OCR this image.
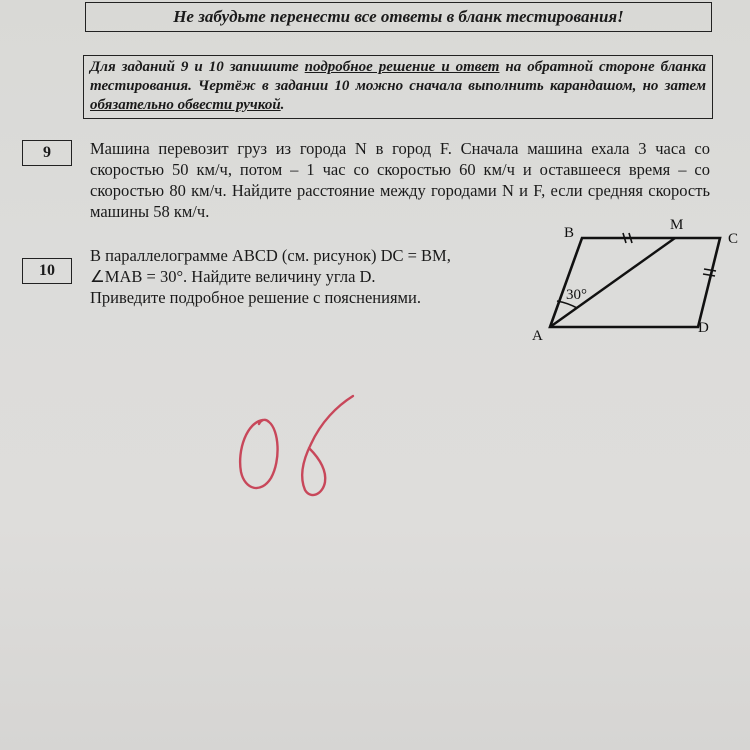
Не забудьте перенести все ответы в бланк тестирования!
Для заданий 9 и 10 запишите подробное решение и ответ на обратной стороне бланка тестирования. Чертёж в задании 10 можно сначала выполнить карандашом, но затем обязательно обвести ручкой.
9	Машина перевозит груз из города N в город F. Сначала машина ехала 3 часа со скоростью 50 км/ч, потом – 1 час со скоростью 60 км/ч и оставшееся время – со скоростью 80 км/ч. Найдите расстояние между городами N и F, если средняя скорость машины 58 км/ч.
10
В параллелограмме ABCD (см. рисунок) DC = BM,
∠MAB = 30°. Найдите величину угла D.
Приведите подробное решение с пояснениями.	30°
B	M
C
A	D
